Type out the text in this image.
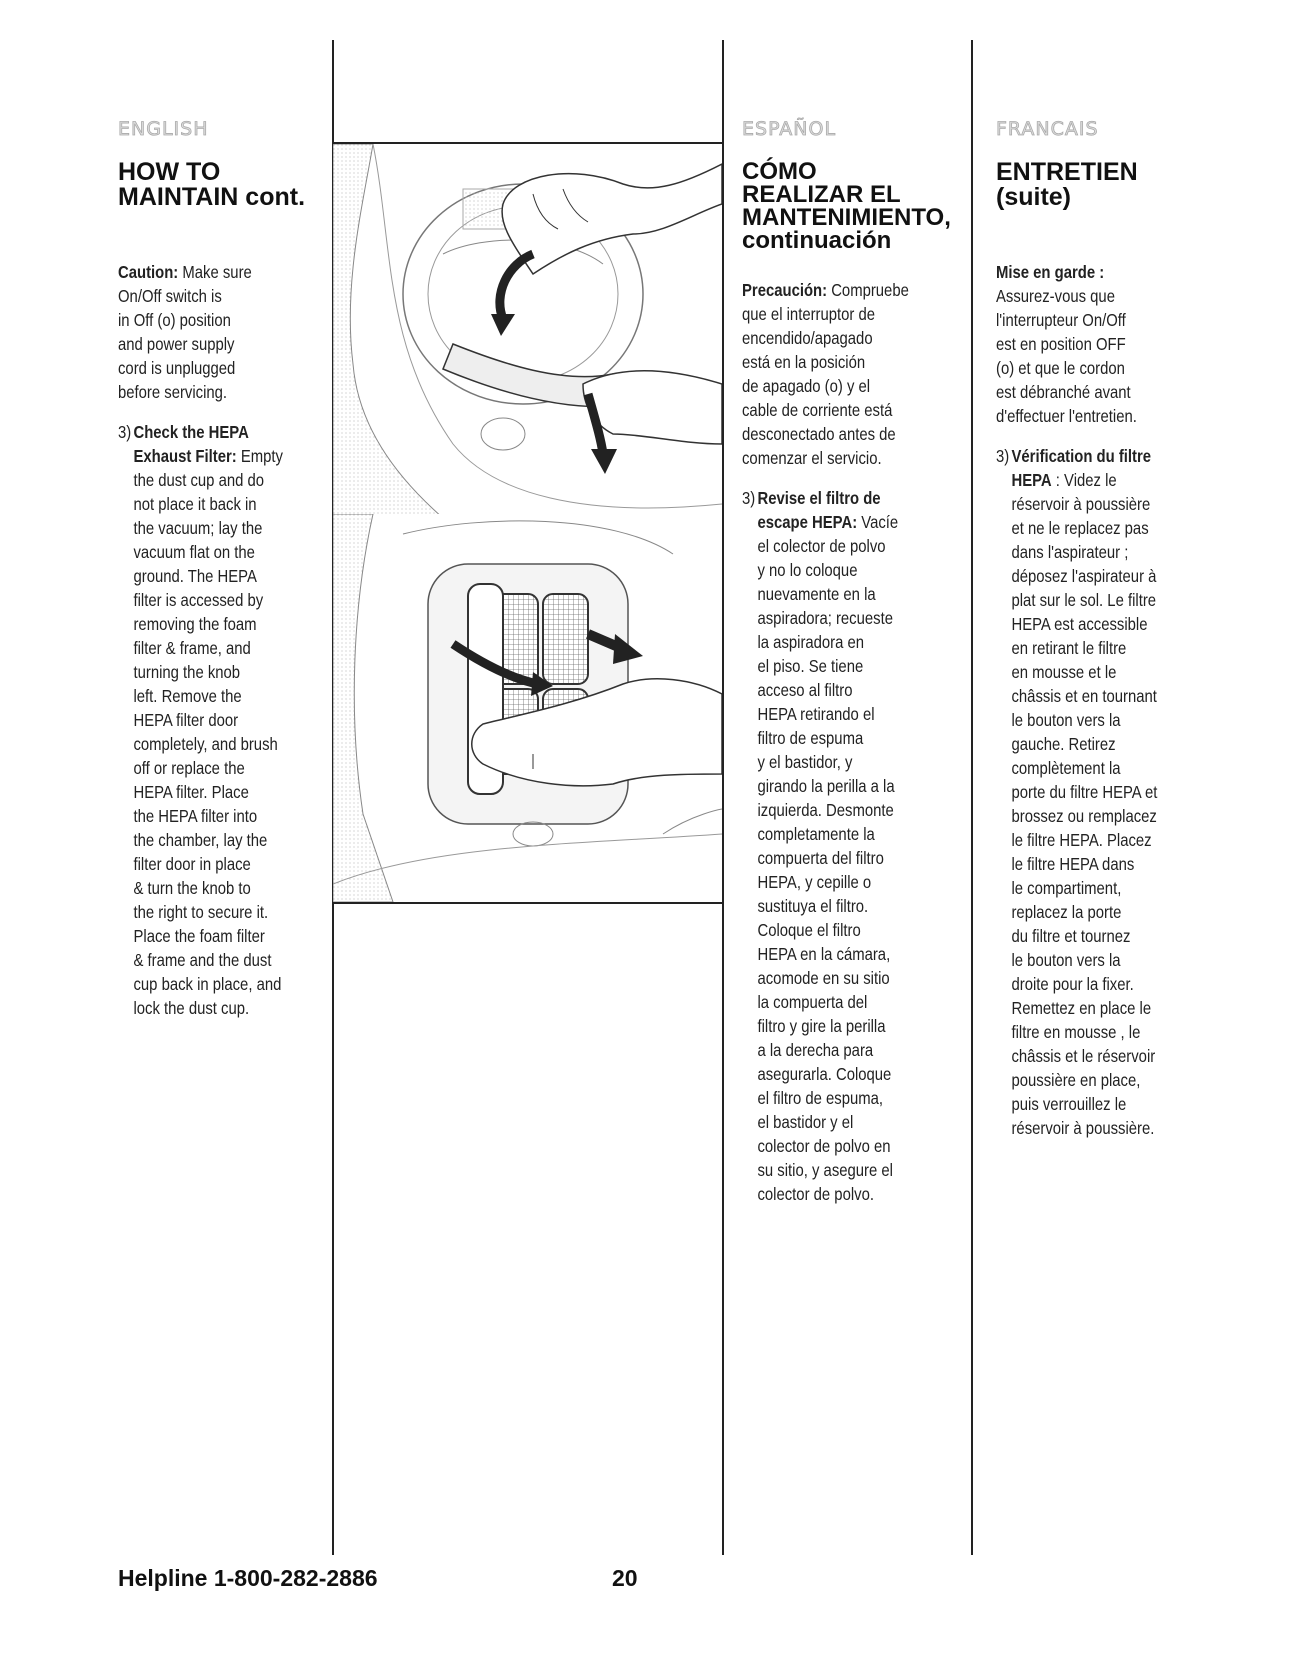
ENGLISH
HOW TO
MAINTAIN cont.
Caution: Make sure
On/Off switch is
in Off (o) position
and power supply
cord is unplugged
before servicing.
3) Check the HEPA
Exhaust Filter: Empty
the dust cup and do
not place it back in
the vacuum; lay the
vacuum flat on the
ground. The HEPA
filter is accessed by
removing the foam
filter & frame, and
turning the knob
left. Remove the
HEPA filter door
completely, and brush
off or replace the
HEPA filter. Place
the HEPA filter into
the chamber, lay the
filter door in place
& turn the knob to
the right to secure it.
Place the foam filter
& frame and the dust
cup back in place, and
lock the dust cup.
ESPAÑOL
CÓMO
REALIZAR EL
MANTENIMIENTO,
continuación
Precaución: Compruebe
que el interruptor de
encendido/apagado
está en la posición
de apagado (o) y el
cable de corriente está
desconectado antes de
comenzar el servicio.
3) Revise el filtro de
escape HEPA: Vacíe
el colector de polvo
y no lo coloque
nuevamente en la
aspiradora; recueste
la aspiradora en
el piso. Se tiene
acceso al filtro
HEPA retirando el
filtro de espuma
y el bastidor, y
girando la perilla a la
izquierda. Desmonte
completamente la
compuerta del filtro
HEPA, y cepille o
sustituya el filtro.
Coloque el filtro
HEPA en la cámara,
acomode en su sitio
la compuerta del
filtro y gire la perilla
a la derecha para
asegurarla. Coloque
el filtro de espuma,
el bastidor y el
colector de polvo en
su sitio, y asegure el
colector de polvo.
FRANCAIS
ENTRETIEN
(suite)
Mise en garde :
Assurez-vous que
l'interrupteur On/Off
est en position OFF
(o) et que le cordon
est débranché avant
d'effectuer l'entretien.
3) Vérification du filtre
HEPA : Videz le
réservoir à poussière
et ne le replacez pas
dans l'aspirateur ;
déposez l'aspirateur à
plat sur le sol. Le filtre
HEPA est accessible
en retirant le filtre
en mousse et le
châssis et en tournant
le bouton vers la
gauche. Retirez
complètement la
porte du filtre HEPA et
brossez ou remplacez
le filtre HEPA. Placez
le filtre HEPA dans
le compartiment,
replacez la porte
du filtre et tournez
le bouton vers la
droite pour la fixer.
Remettez en place le
filtre en mousse , le
châssis et le réservoir
poussière en place,
puis verrouillez le
réservoir à poussière.
Helpline 1-800-282-2886	20
